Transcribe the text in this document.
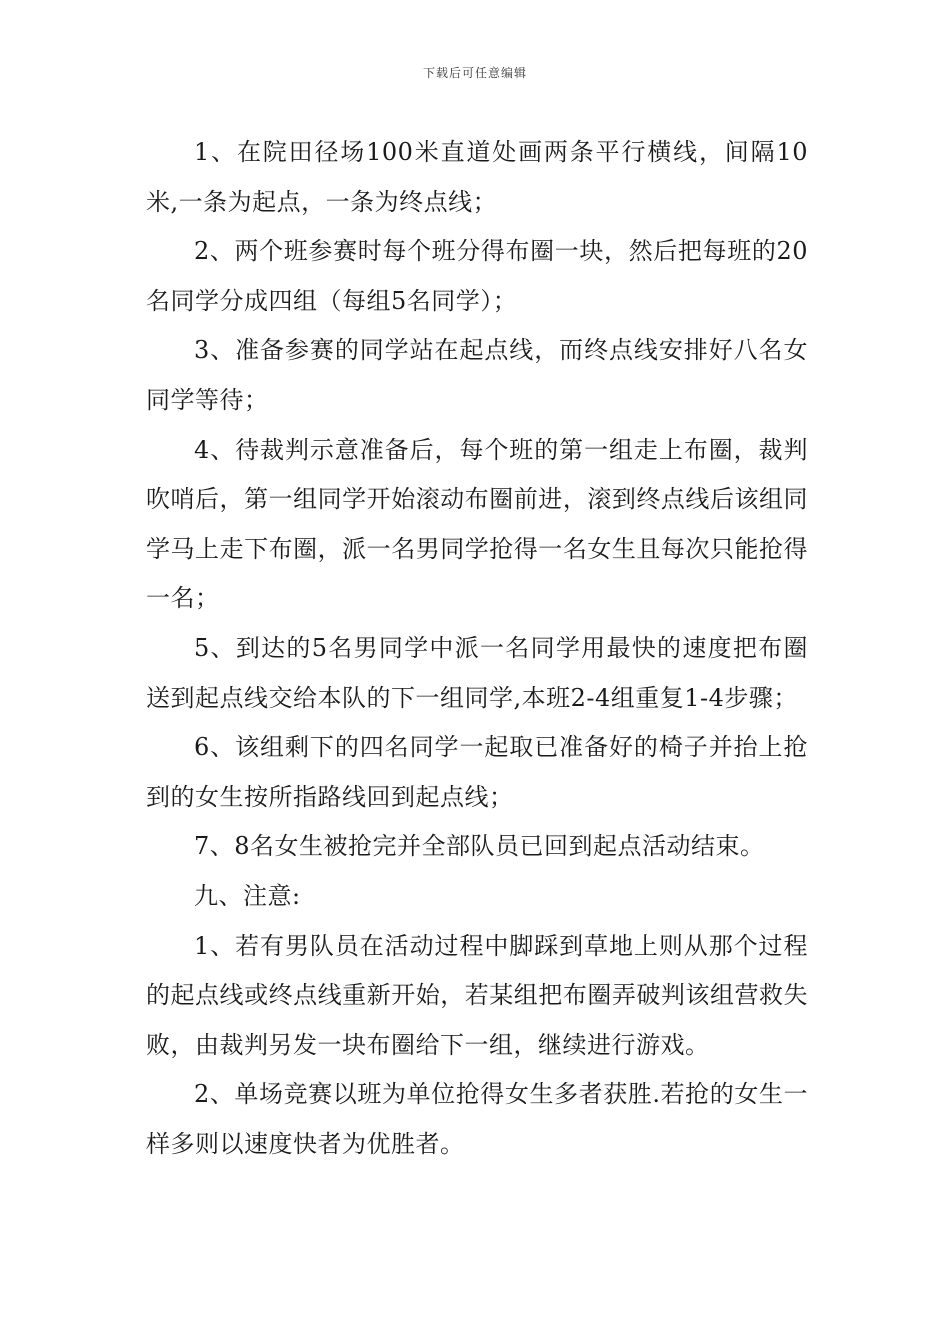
下载后可任意编辑

1、在院田径场100米直道处画两条平行横线，间隔10米,一条为起点，一条为终点线；

2、两个班参赛时每个班分得布圈一块，然后把每班的20名同学分成四组（每组5名同学）；

3、准备参赛的同学站在起点线，而终点线安排好八名女同学等待；

4、待裁判示意准备后，每个班的第一组走上布圈，裁判吹哨后，第一组同学开始滚动布圈前进，滚到终点线后该组同学马上走下布圈，派一名男同学抢得一名女生且每次只能抢得一名；

5、到达的5名男同学中派一名同学用最快的速度把布圈送到起点线交给本队的下一组同学,本班2-4组重复1-4步骤；

6、该组剩下的四名同学一起取已准备好的椅子并抬上抢到的女生按所指路线回到起点线；

7、8名女生被抢完并全部队员已回到起点活动结束。

九、注意:

1、若有男队员在活动过程中脚踩到草地上则从那个过程的起点线或终点线重新开始，若某组把布圈弄破判该组营救失败，由裁判另发一块布圈给下一组，继续进行游戏。

2、单场竞赛以班为单位抢得女生多者获胜.若抢的女生一样多则以速度快者为优胜者。
